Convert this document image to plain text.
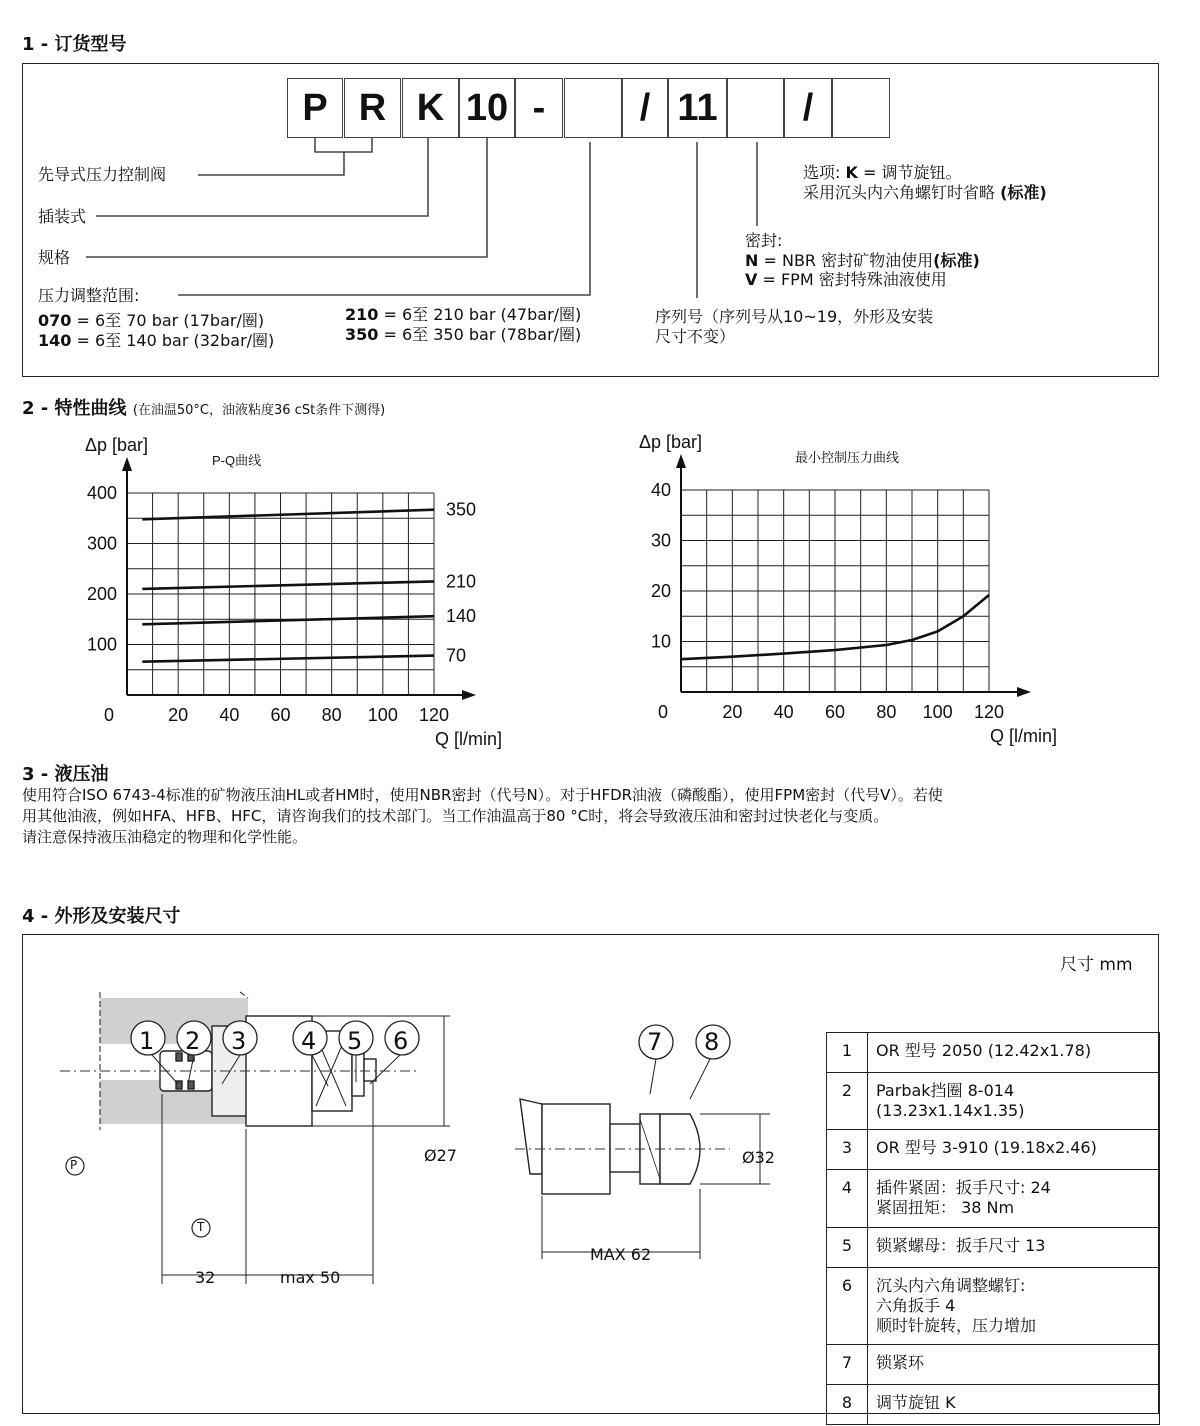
1 - 订货型号
P R K 10 -	/ 11	/
先导式压力控制阀
插装式
规格
压力调整范围:
070 = 6至 70 bar (17bar/圈)
140 = 6至 140 bar (32bar/圈)
210 = 6至 210 bar (47bar/圈)
350 = 6至 350 bar (78bar/圈)
序列号（序列号从10~19，外形及安装
尺寸不变）
密封:
N = NBR 密封矿物油使用(标准)
V = FPM 密封特殊油液使用
选项: K = 调节旋钮。
采用沉头内六角螺钉时省略 (标准)
2 - 特性曲线 (在油温50°C，油液粘度36 cSt条件下测得)
0	20 40 60 80 100 120
100
200
300
400
Δp [bar]
Q [l/min]
P-Q曲线
350
210
140
70
0	20 40 60 80 100 120
10
20
30
40
Δp [bar]
Q [l/min]
最小控制压力曲线
3 - 液压油
使用符合ISO 6743-4标准的矿物液压油HL或者HM时，使用NBR密封（代号N）。对于HFDR油液（磷酸酯），使用FPM密封（代号V）。若使
用其他油液，例如HFA、HFB、HFC，请咨询我们的技术部门。当工作油温高于80 °C时，将会导致液压油和密封过快老化与变质。
请注意保持液压油稳定的物理和化学性能。
4 - 外形及安装尺寸
尺寸 mm
1 2 3 4 5 6	7 8
P
T
Ø27	Ø32
32	max 50
MAX 62
1	OR 型号 2050 (12.42x1.78)

2	Parbak挡圈 8-014
(13.23x1.14x1.35)

3	OR 型号 3-910 (19.18x2.46)

4	插件紧固：扳手尺寸: 24
紧固扭矩： 38 Nm

5	锁紧螺母：扳手尺寸 13

6	沉头内六角调整螺钉:
六角扳手 4
顺时针旋转，压力增加

7	锁紧环

8	调节旋钮 K
